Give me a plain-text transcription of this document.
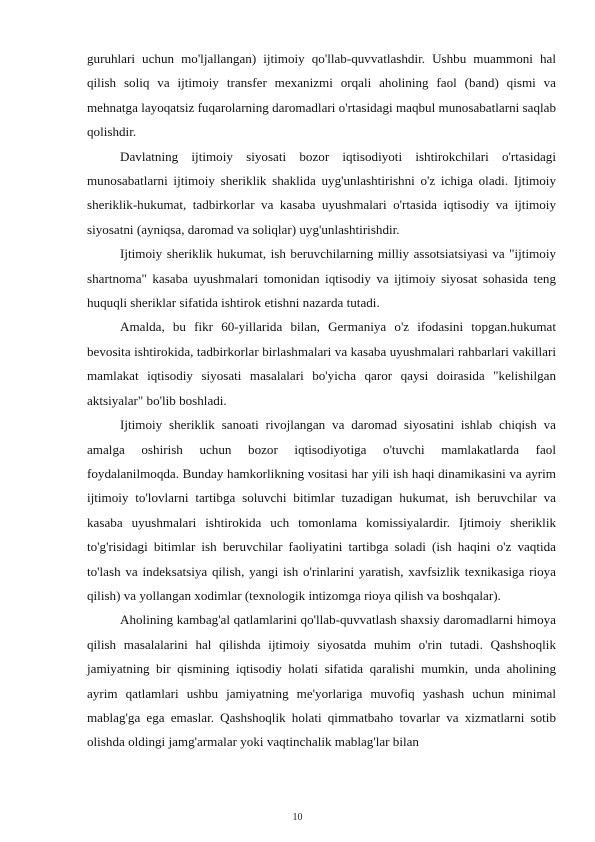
guruhlari uchun mo'ljallangan) ijtimoiy qo'llab-quvvatlashdir. Ushbu muammoni hal qilish soliq va ijtimoiy transfer mexanizmi orqali aholining faol (band) qismi va mehnatga layoqatsiz fuqarolarning daromadlari o'rtasidagi maqbul munosabatlarni saqlab qolishdir.

Davlatning ijtimoiy siyosati bozor iqtisodiyoti ishtirokchilari o'rtasidagi munosabatlarni ijtimoiy sheriklik shaklida uyg'unlashtirishni o'z ichiga oladi. Ijtimoiy sheriklik-hukumat, tadbirkorlar va kasaba uyushmalari o'rtasida iqtisodiy va ijtimoiy siyosatni (ayniqsa, daromad va soliqlar) uyg'unlashtirishdir.

Ijtimoiy sheriklik hukumat, ish beruvchilarning milliy assotsiatsiyasi va "ijtimoiy shartnoma" kasaba uyushmalari tomonidan iqtisodiy va ijtimoiy siyosat sohasida teng huquqli sheriklar sifatida ishtirok etishni nazarda tutadi.

Amalda, bu fikr 60-yillarida bilan, Germaniya o'z ifodasini topgan.hukumat bevosita ishtirokida, tadbirkorlar birlashmalari va kasaba uyushmalari rahbarlari vakillari mamlakat iqtisodiy siyosati masalalari bo'yicha qaror qaysi doirasida "kelishilgan aktsiyalar" bo'lib boshladi.

Ijtimoiy sheriklik sanoati rivojlangan va daromad siyosatini ishlab chiqish va amalga oshirish uchun bozor iqtisodiyotiga o'tuvchi mamlakatlarda faol foydalanilmoqda. Bunday hamkorlikning vositasi har yili ish haqi dinamikasini va ayrim ijtimoiy to'lovlarni tartibga soluvchi bitimlar tuzadigan hukumat, ish beruvchilar va kasaba uyushmalari ishtirokida uch tomonlama komissiyalardir. Ijtimoiy sheriklik to'g'risidagi bitimlar ish beruvchilar faoliyatini tartibga soladi (ish haqini o'z vaqtida to'lash va indeksatsiya qilish, yangi ish o'rinlarini yaratish, xavfsizlik texnikasiga rioya qilish) va yollangan xodimlar (texnologik intizomga rioya qilish va boshqalar).

Aholining kambag'al qatlamlarini qo'llab-quvvatlash shaxsiy daromadlarni himoya qilish masalalarini hal qilishda ijtimoiy siyosatda muhim o'rin tutadi. Qashshoqlik jamiyatning bir qismining iqtisodiy holati sifatida qaralishi mumkin, unda aholining ayrim qatlamlari ushbu jamiyatning me'yorlariga muvofiq yashash uchun minimal mablag'ga ega emaslar. Qashshoqlik holati qimmatbaho tovarlar va xizmatlarni sotib olishda oldingi jamg'armalar yoki vaqtinchalik mablag'lar bilan

10
